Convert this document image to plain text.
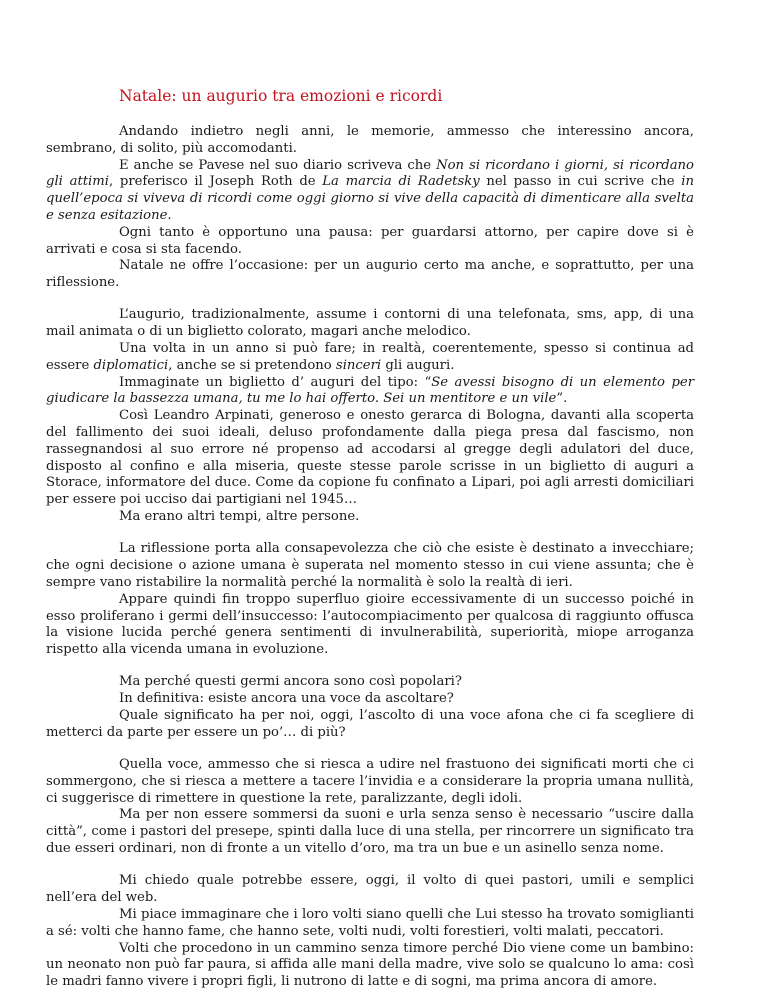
Natale: un augurio tra emozioni e ricordi

Andando indietro negli anni, le memorie, ammesso che interessino ancora, sembrano, di solito, più accomodanti.

E anche se Pavese nel suo diario scriveva che Non si ricordano i giorni, si ricordano gli attimi, preferisco il Joseph Roth de La marcia di Radetsky nel passo in cui scrive che in quell’epoca si viveva di ricordi come oggi giorno si vive della capacità di dimenticare alla svelta e senza esitazione.

Ogni tanto è opportuno una pausa: per guardarsi attorno, per capire dove si è arrivati e cosa si sta facendo.

Natale ne offre l’occasione: per un augurio certo ma anche, e soprattutto, per una riflessione.

L’augurio, tradizionalmente, assume i contorni di una telefonata, sms, app, di una mail animata o di un biglietto colorato, magari anche melodico.

Una volta in un anno si può fare; in realtà, coerentemente, spesso si continua ad essere diplomatici, anche se si pretendono sinceri gli auguri.

Immaginate un biglietto d’ auguri del tipo: “Se avessi bisogno di un elemento per giudicare la bassezza umana, tu me lo hai offerto. Sei un mentitore e un vile”.

Così Leandro Arpinati, generoso e onesto gerarca di Bologna, davanti alla scoperta del fallimento dei suoi ideali, deluso profondamente dalla piega presa dal fascismo, non rassegnandosi al suo errore né propenso ad accodarsi al gregge degli adulatori del duce, disposto al confino e alla miseria, queste stesse parole scrisse in un biglietto di auguri a Storace, informatore del duce. Come da copione fu confinato a Lipari, poi agli arresti domiciliari per essere poi ucciso dai partigiani nel 1945…

Ma erano altri tempi, altre persone.

La riflessione porta alla consapevolezza che ciò che esiste è destinato a invecchiare; che ogni decisione o azione umana è superata nel momento stesso in cui viene assunta; che è sempre vano ristabilire la normalità perché la normalità è solo la realtà di ieri.

Appare quindi fin troppo superfluo gioire eccessivamente di un successo poiché in esso proliferano i germi dell’insuccesso: l’autocompiacimento per qualcosa di raggiunto offusca la visione lucida perché genera sentimenti di invulnerabilità, superiorità, miope arroganza rispetto alla vicenda umana in evoluzione.

Ma perché questi germi ancora sono così popolari?

In definitiva: esiste ancora una voce da ascoltare?

Quale significato ha per noi, oggi, l’ascolto di una voce afona che ci fa scegliere di metterci da parte per essere un po’… di più?

Quella voce, ammesso che si riesca a udire nel frastuono dei significati morti che ci sommergono, che si riesca a mettere a tacere l’invidia e a considerare la propria umana nullità, ci suggerisce di rimettere in questione la rete, paralizzante, degli idoli.

Ma per non essere sommersi da suoni e urla senza senso è necessario “uscire dalla città”, come i pastori del presepe, spinti dalla luce di una stella, per rincorrere un significato tra due esseri ordinari, non di fronte a un vitello d’oro, ma tra un bue e un asinello senza nome.

Mi chiedo quale potrebbe essere, oggi, il volto di quei pastori, umili e semplici nell’era del web.

Mi piace immaginare che i loro volti siano quelli che Lui stesso ha trovato somiglianti a sé: volti che hanno fame, che hanno sete, volti nudi, volti forestieri, volti malati, peccatori.

Volti che procedono in un cammino senza timore perché Dio viene come un bambino: un neonato non può far paura, si affida alle mani della madre, vive solo se qualcuno lo ama: così le madri fanno vivere i propri figli, li nutrono di latte e di sogni, ma prima ancora di amore.
